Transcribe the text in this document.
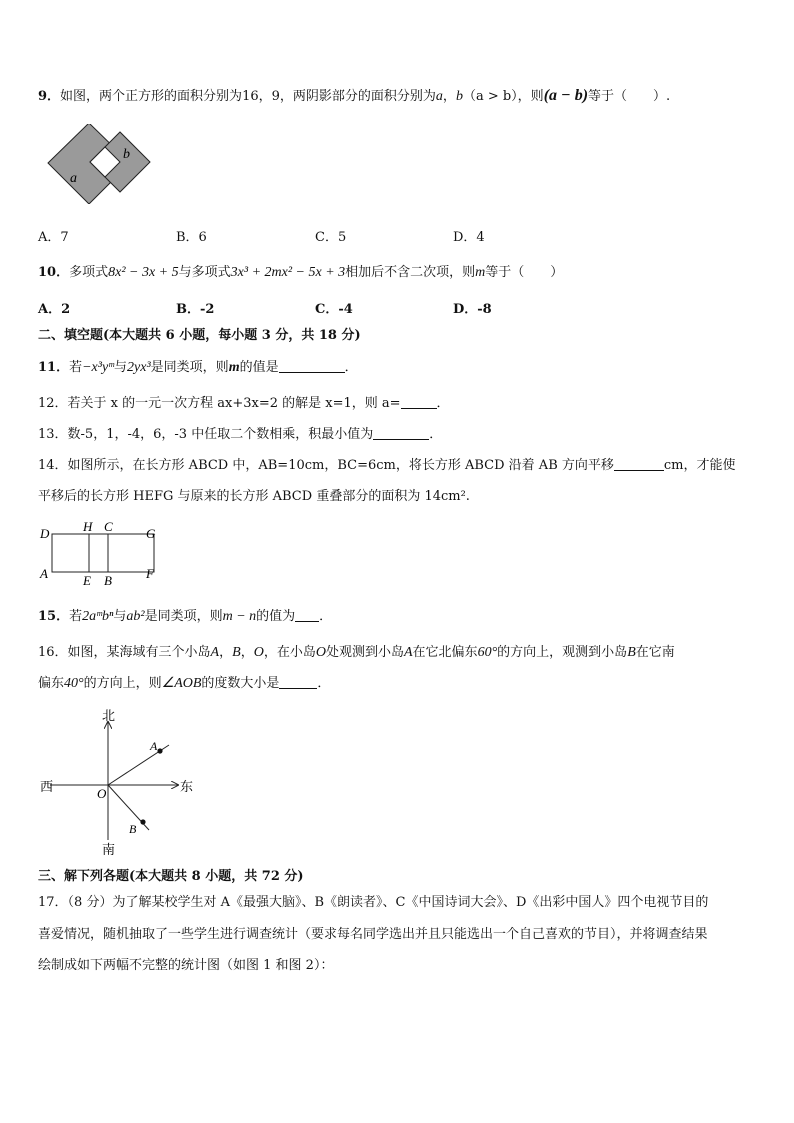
9．如图，两个正方形的面积分别为16，9，两阴影部分的面积分别为a，b（a > b），则(a − b)等于（　　）.
a
b
A．7	B．6	C．5	D．4
10．多项式8x² − 3x + 5与多项式3x³ + 2mx² − 5x + 3相加后不含二次项，则m等于（　　）
A．2	B．-2	C．-4	D．-8
二、填空题(本大题共 6 小题，每小题 3 分，共 18 分)
11．若−x³yᵐ与2yx³是同类项，则m的值是	．
12．若关于 x 的一元一次方程 ax+3x=2 的解是 x=1，则 a=	．
13．数-5，1，-4，6，-3 中任取二个数相乘，积最小值为	．
14．如图所示，在长方形 ABCD 中，AB=10cm，BC=6cm，将长方形 ABCD 沿着 AB 方向平移	cm，才能使
平移后的长方形 HEFG 与原来的长方形 ABCD 重叠部分的面积为 14cm².
D	H C	G
A	E B	F
15．若2aᵐbⁿ与ab²是同类项，则m − n的值为 ．
16．如图，某海域有三个小岛A，B，O，在小岛O处观测到小岛A在它北偏东60°的方向上，观测到小岛B在它南
偏东40°的方向上，则∠AOB的度数大小是	．
北
南
西	东
O
A
B
三、解下列各题(本大题共 8 小题，共 72 分)
17．（8 分）为了解某校学生对 A《最强大脑》、B《朗读者》、C《中国诗词大会》、D《出彩中国人》四个电视节目的
喜爱情况，随机抽取了一些学生进行调查统计（要求每名同学选出并且只能选出一个自己喜欢的节目），并将调查结果
绘制成如下两幅不完整的统计图（如图 1 和图 2）：
